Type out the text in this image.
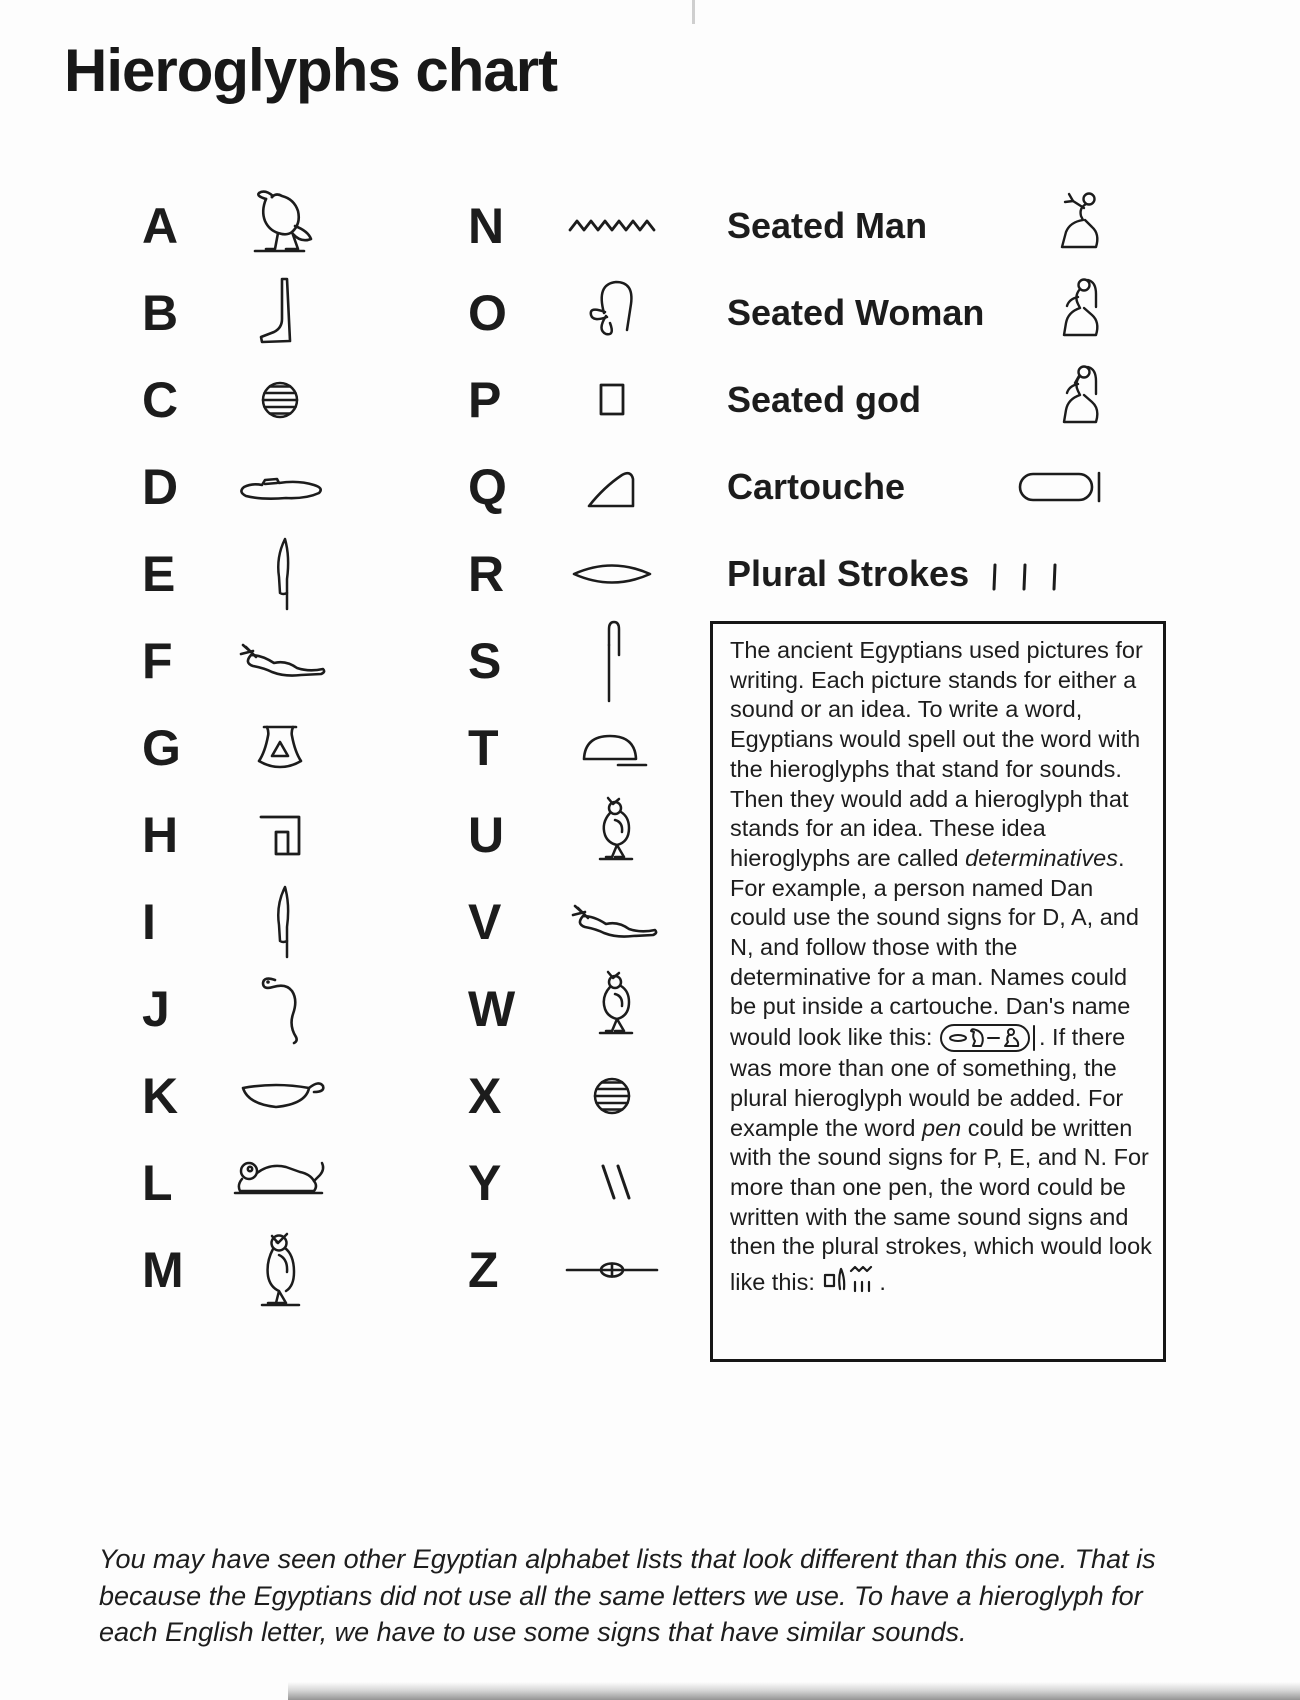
Hieroglyphs chart
A
B
C
D
E
F
G
H
I
J
K
L
M
N
O
P
Q
R
S
T
U
V
W
X
Y
Z
Seated Man
Seated Woman
Seated god
Cartouche
Plural Strokes
The ancient Egyptians used pictures for writing. Each picture stands for either a sound or an idea. To write a word, Egyptians would spell out the word with the hieroglyphs that stand for sounds. Then they would add a hieroglyph that stands for an idea. These idea hieroglyphs are called determinatives. For example, a person named Dan could use the sound signs for D, A, and N, and follow those with the determinative for a man. Names could be put inside a cartouche. Dan's name would look like this:	. If there was more than one of something, the plural hieroglyph would be added. For example the word pen could be written with the sound signs for P, E, and N. For more than one pen, the word could be written with the same sound signs and then the plural strokes, which would look like this: .
You may have seen other Egyptian alphabet lists that look different than this one. That is because the Egyptians did not use all the same letters we use. To have a hieroglyph for each English letter, we have to use some signs that have similar sounds.
